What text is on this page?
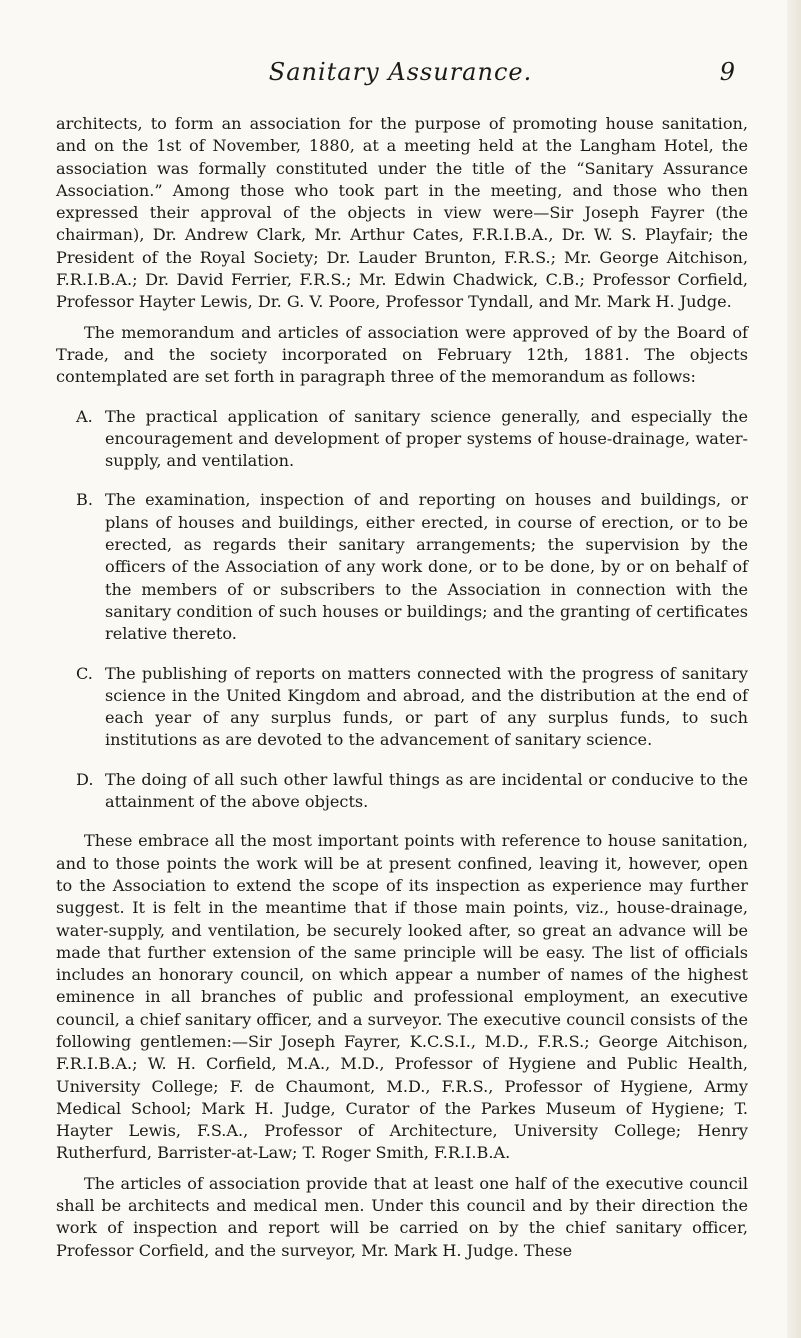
Sanitary Assurance.	9

architects, to form an association for the purpose of promoting house sanitation, and on the 1st of November, 1880, at a meeting held at the Langham Hotel, the association was formally constituted under the title of the “Sanitary Assurance Association.” Among those who took part in the meeting, and those who then expressed their approval of the objects in view were—Sir Joseph Fayrer (the chairman), Dr. Andrew Clark, Mr. Arthur Cates, F.R.I.B.A., Dr. W. S. Playfair; the President of the Royal Society; Dr. Lauder Brunton, F.R.S.; Mr. George Aitchison, F.R.I.B.A.; Dr. David Ferrier, F.R.S.; Mr. Edwin Chadwick, C.B.; Professor Corfield, Professor Hayter Lewis, Dr. G. V. Poore, Professor Tyndall, and Mr. Mark H. Judge.

The memorandum and articles of association were approved of by the Board of Trade, and the society incorporated on February 12th, 1881. The objects contemplated are set forth in paragraph three of the memorandum as follows:

A. The practical application of sanitary science generally, and especially the encouragement and development of proper systems of house-drainage, water-supply, and ventilation.

B. The examination, inspection of and reporting on houses and buildings, or plans of houses and buildings, either erected, in course of erection, or to be erected, as regards their sanitary arrangements; the supervision by the officers of the Association of any work done, or to be done, by or on behalf of the members of or subscribers to the Association in connection with the sanitary condition of such houses or buildings; and the granting of certificates relative thereto.

C. The publishing of reports on matters connected with the progress of sanitary science in the United Kingdom and abroad, and the distribution at the end of each year of any surplus funds, or part of any surplus funds, to such institutions as are devoted to the advancement of sanitary science.

D. The doing of all such other lawful things as are incidental or conducive to the attainment of the above objects.

These embrace all the most important points with reference to house sanitation, and to those points the work will be at present confined, leaving it, however, open to the Association to extend the scope of its inspection as experience may further suggest. It is felt in the meantime that if those main points, viz., house-drainage, water-supply, and ventilation, be securely looked after, so great an advance will be made that further extension of the same principle will be easy. The list of officials includes an honorary council, on which appear a number of names of the highest eminence in all branches of public and professional employment, an executive council, a chief sanitary officer, and a surveyor. The executive council consists of the following gentlemen:—Sir Joseph Fayrer, K.C.S.I., M.D., F.R.S.; George Aitchison, F.R.I.B.A.; W. H. Corfield, M.A., M.D., Professor of Hygiene and Public Health, University College; F. de Chaumont, M.D., F.R.S., Professor of Hygiene, Army Medical School; Mark H. Judge, Curator of the Parkes Museum of Hygiene; T. Hayter Lewis, F.S.A., Professor of Architecture, University College; Henry Rutherfurd, Barrister-at-Law; T. Roger Smith, F.R.I.B.A.

The articles of association provide that at least one half of the executive council shall be architects and medical men. Under this council and by their direction the work of inspection and report will be carried on by the chief sanitary officer, Professor Corfield, and the surveyor, Mr. Mark H. Judge. These
